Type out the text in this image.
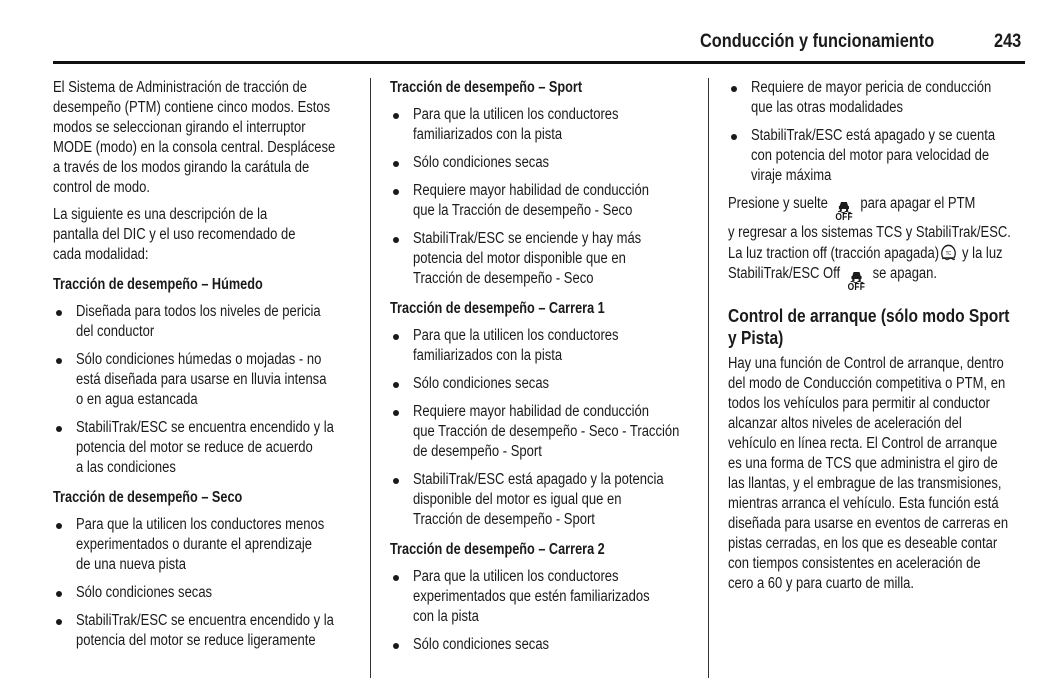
Conducción y funcionamiento	243
El Sistema de Administración de tracción de
desempeño (PTM) contiene cinco modos. Estos
modos se seleccionan girando el interruptor
MODE (modo) en la consola central. Desplácese
a través de los modos girando la carátula de
control de modo.
La siguiente es una descripción de la
pantalla del DIC y el uso recomendado de
cada modalidad:
Tracción de desempeño – Húmedo
Diseñada para todos los niveles de pericia
del conductor
Sólo condiciones húmedas o mojadas - no
está diseñada para usarse en lluvia intensa
o en agua estancada
StabiliTrak/ESC se encuentra encendido y la
potencia del motor se reduce de acuerdo
a las condiciones
Tracción de desempeño – Seco
Para que la utilicen los conductores menos
experimentados o durante el aprendizaje
de una nueva pista
Sólo condiciones secas
StabiliTrak/ESC se encuentra encendido y la
potencia del motor se reduce ligeramente
Tracción de desempeño – Sport
Para que la utilicen los conductores
familiarizados con la pista
Sólo condiciones secas
Requiere mayor habilidad de conducción
que la Tracción de desempeño - Seco
StabiliTrak/ESC se enciende y hay más
potencia del motor disponible que en
Tracción de desempeño - Seco
Tracción de desempeño – Carrera 1
Para que la utilicen los conductores
familiarizados con la pista
Sólo condiciones secas
Requiere mayor habilidad de conducción
que Tracción de desempeño - Seco - Tracción
de desempeño - Sport
StabiliTrak/ESC está apagado y la potencia
disponible del motor es igual que en
Tracción de desempeño - Sport
Tracción de desempeño – Carrera 2
Para que la utilicen los conductores
experimentados que estén familiarizados
con la pista
Sólo condiciones secas
Requiere de mayor pericia de conducción
que las otras modalidades
StabiliTrak/ESC está apagado y se cuenta
con potencia del motor para velocidad de
viraje máxima
Presione y suelte
OFF
para apagar el PTM
y regresar a los sistemas TCS y StabiliTrak/ESC.
La luz traction off (tracción apagada) TC y la luz
StabiliTrak/ESC Off
OFF
se apagan.
Control de arranque (sólo modo Sport
y Pista)
Hay una función de Control de arranque, dentro
del modo de Conducción competitiva o PTM, en
todos los vehículos para permitir al conductor
alcanzar altos niveles de aceleración del
vehículo en línea recta. El Control de arranque
es una forma de TCS que administra el giro de
las llantas, y el embrague de las transmisiones,
mientras arranca el vehículo. Esta función está
diseñada para usarse en eventos de carreras en
pistas cerradas, en los que es deseable contar
con tiempos consistentes en aceleración de
cero a 60 y para cuarto de milla.
